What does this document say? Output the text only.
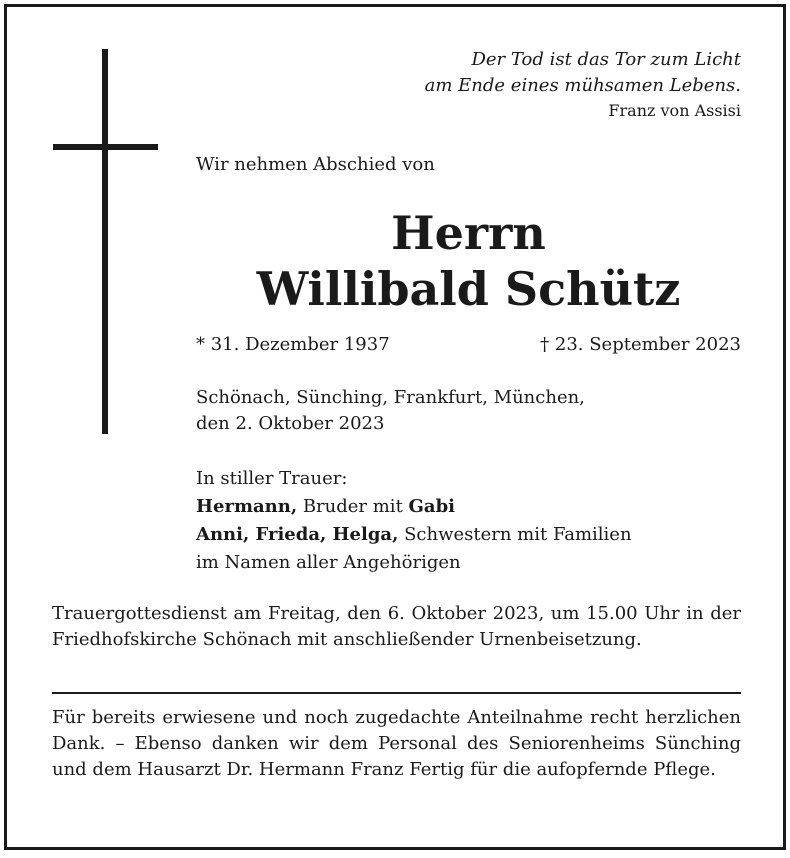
Der Tod ist das Tor zum Licht
am Ende eines mühsamen Lebens.
Franz von Assisi
Wir nehmen Abschied von
Herrn
Willibald Schütz
* 31. Dezember 1937	† 23. September 2023
Schönach, Sünching, Frankfurt, München,
den 2. Oktober 2023
In stiller Trauer:
Hermann, Bruder mit Gabi
Anni, Frieda, Helga, Schwestern mit Familien
im Namen aller Angehörigen
Trauergottesdienst am Freitag, den 6. Oktober 2023, um 15.00 Uhr in der Friedhofskirche Schönach mit anschließender Urnenbeisetzung.
Für bereits erwiesene und noch zugedachte Anteilnahme recht herzlichen Dank. – Ebenso danken wir dem Personal des Seniorenheims Sünching und dem Hausarzt Dr. Hermann Franz Fertig für die aufopfernde Pflege.
